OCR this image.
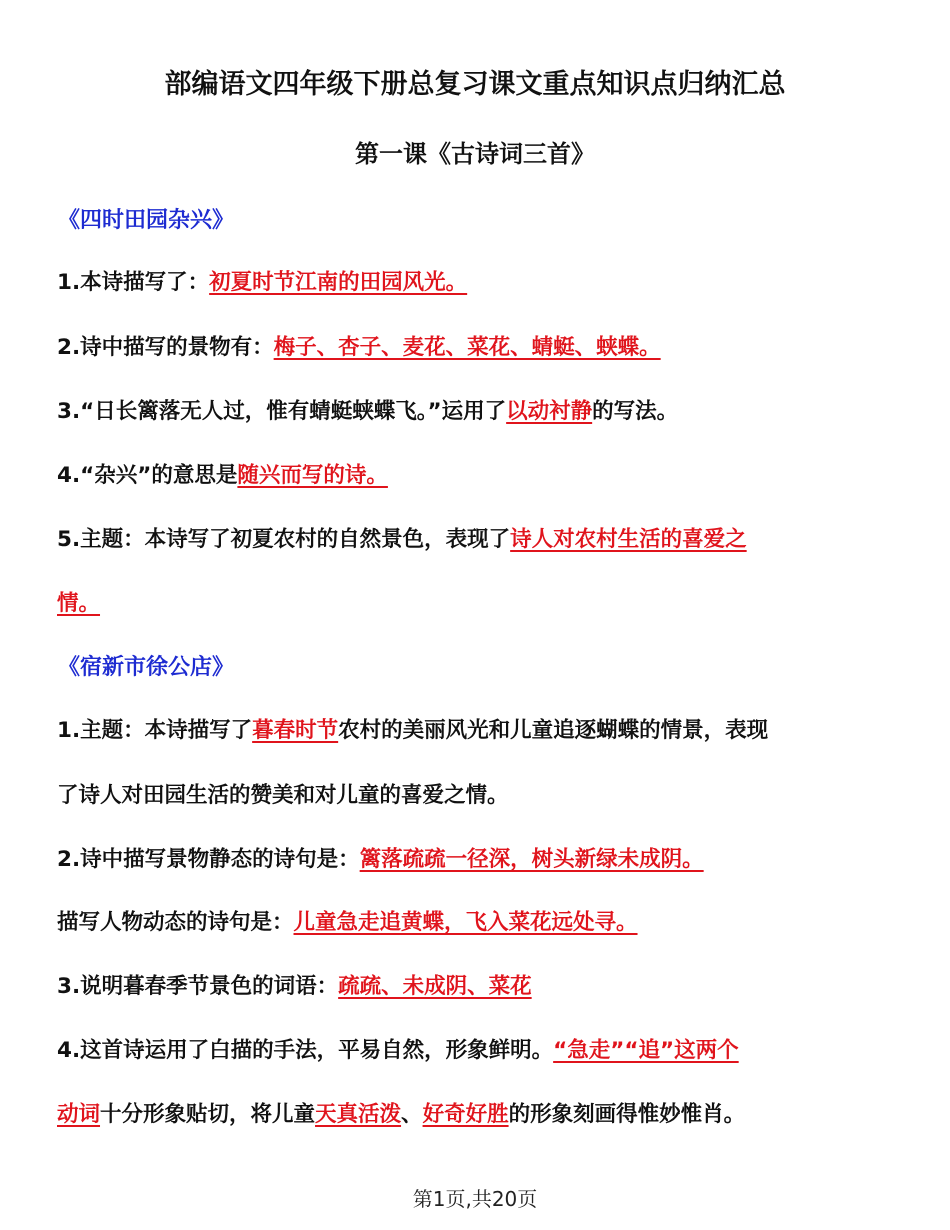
部编语文四年级下册总复习课文重点知识点归纳汇总
第一课《古诗词三首》
《四时田园杂兴》
1.本诗描写了：初夏时节江南的田园风光。
2.诗中描写的景物有：梅子、杏子、麦花、菜花、蜻蜓、蛱蝶。
3.“日长篱落无人过，惟有蜻蜓蛱蝶飞。”运用了以动衬静的写法。
4.“杂兴”的意思是随兴而写的诗。
5.主题：本诗写了初夏农村的自然景色，表现了诗人对农村生活的喜爱之
情。
《宿新市徐公店》
1.主题：本诗描写了暮春时节农村的美丽风光和儿童追逐蝴蝶的情景，表现
了诗人对田园生活的赞美和对儿童的喜爱之情。
2.诗中描写景物静态的诗句是：篱落疏疏一径深，树头新绿未成阴。
描写人物动态的诗句是：儿童急走追黄蝶，飞入菜花远处寻。
3.说明暮春季节景色的词语：疏疏、未成阴、菜花
4.这首诗运用了白描的手法，平易自然，形象鲜明。“急走”“追”这两个
动词十分形象贴切，将儿童天真活泼、好奇好胜的形象刻画得惟妙惟肖。
第1页,共20页
